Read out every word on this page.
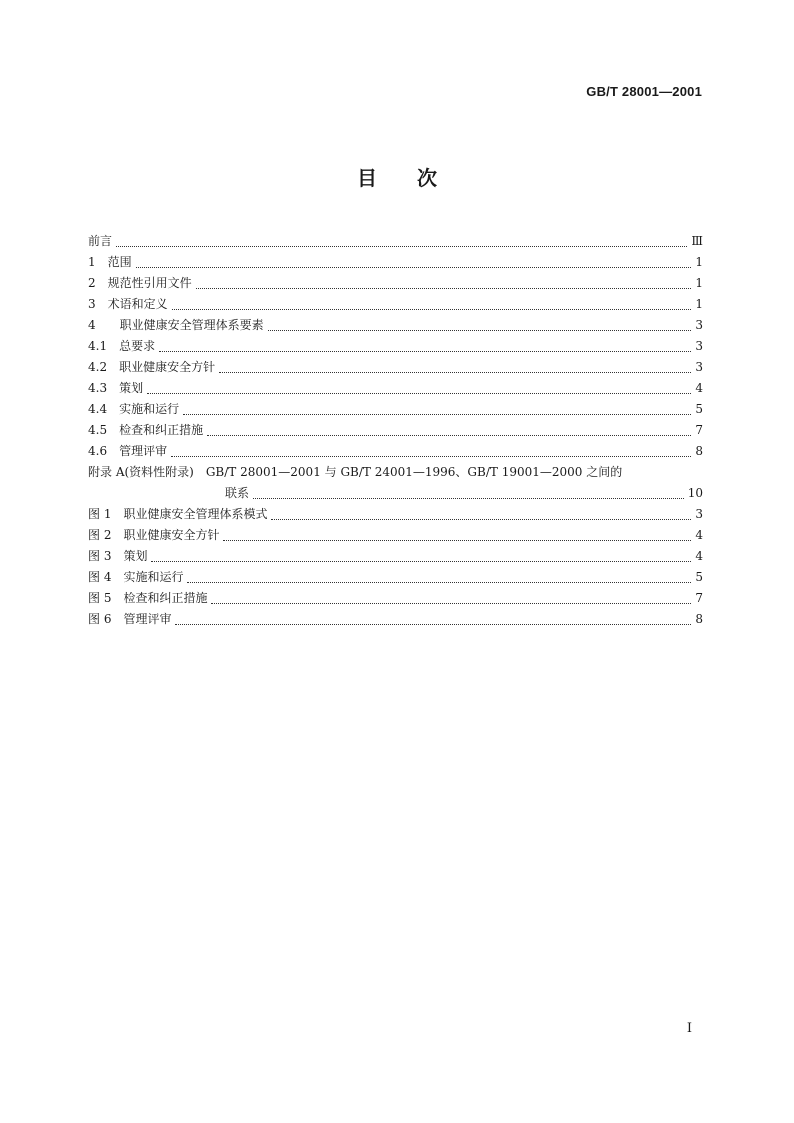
GB/T 28001—2001
目　　次
前言	Ⅲ
1　范围	1
2　规范性引用文件	1
3　术语和定义	1
4　　职业健康安全管理体系要素	3
4.1　总要求	3
4.2　职业健康安全方针	3
4.3　策划	4
4.4　实施和运行	5
4.5　检查和纠正措施	7
4.6　管理评审	8
附录 A(资料性附录)　GB/T 28001—2001 与 GB/T 24001—1996、GB/T 19001—2000 之间的
联系	10
图 1　职业健康安全管理体系模式	3
图 2　职业健康安全方针	4
图 3　策划	4
图 4　实施和运行	5
图 5　检查和纠正措施	7
图 6　管理评审	8
I
